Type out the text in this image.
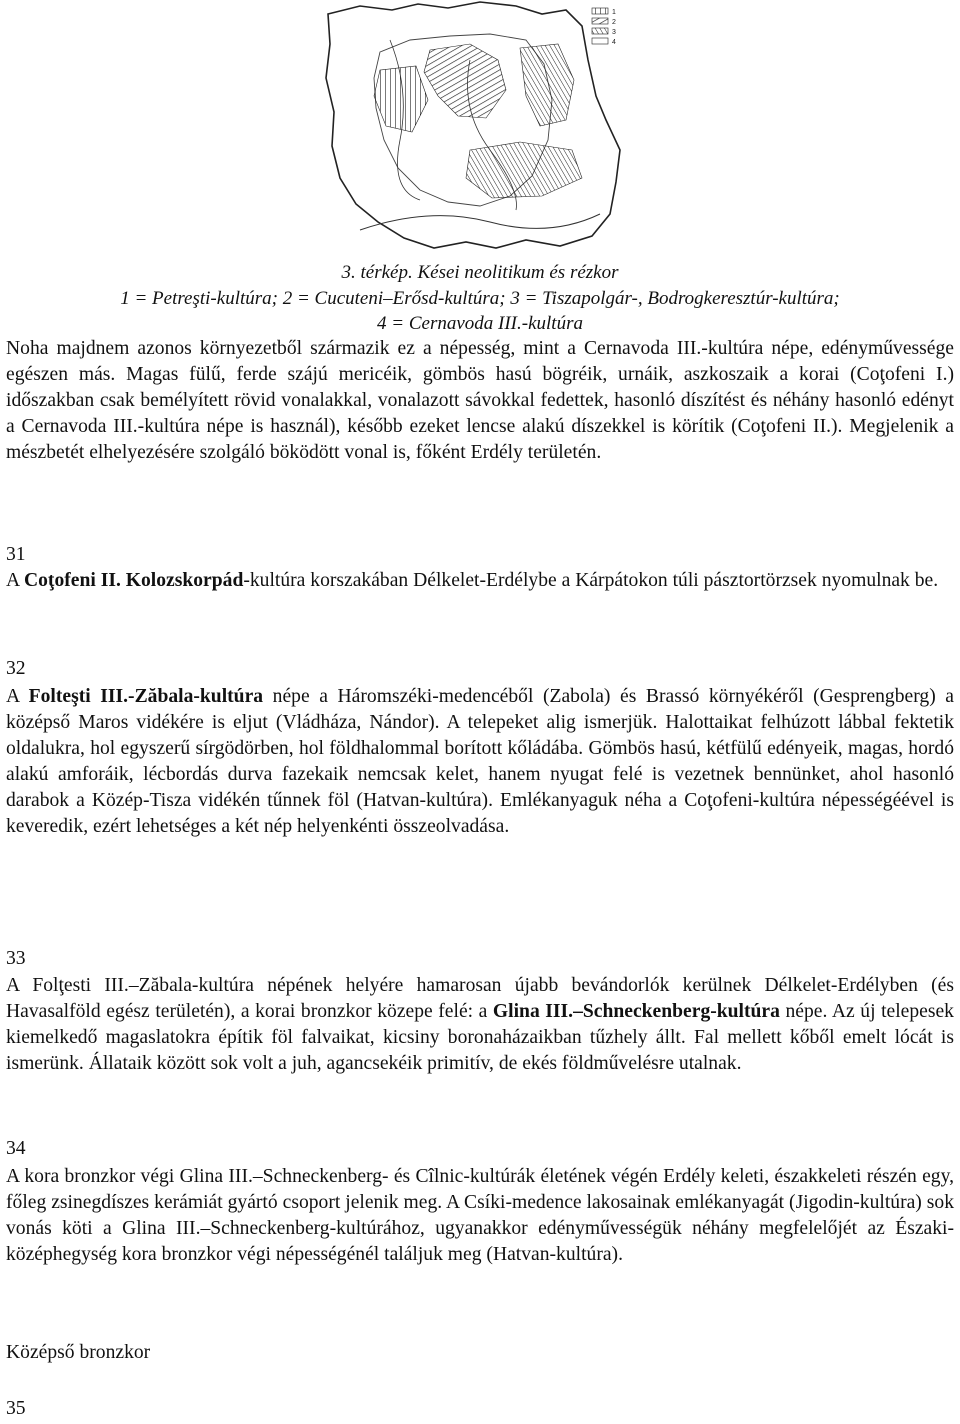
1
2
3
4
3. térkép. Kései neolitikum és rézkor
1 = Petreşti-kultúra; 2 = Cucuteni–Erősd-kultúra; 3 = Tiszapolgár-, Bodrogkeresztúr-kultúra;
4 = Cernavoda III.-kultúra

Noha majdnem azonos környezetből származik ez a népesség, mint a Cernavoda III.-kultúra népe, edényművessége egészen más. Magas fülű, ferde szájú mericéik, gömbös hasú bögréik, urnáik, aszkoszaik a korai (Coţofeni I.) időszakban csak bemélyített rövid vonalakkal, vonalazott sávokkal fedettek, hasonló díszítést és néhány hasonló edényt a Cernavoda III.-kultúra népe is használ), később ezeket lencse alakú díszekkel is körítik (Coţofeni II.). Megjelenik a mészbetét elhelyezésére szolgáló böködött vonal is, főként Erdély területén.

31

A Coţofeni II. Kolozskorpád-kultúra korszakában Délkelet-Erdélybe a Kárpátokon túli pásztortörzsek nyomulnak be.

32

A Folteşti III.-Zăbala-kultúra népe a Háromszéki-medencéből (Zabola) és Brassó környékéről (Gesprengberg) a középső Maros vidékére is eljut (Vládháza, Nándor). A telepeket alig ismerjük. Halottaikat felhúzott lábbal fektetik oldalukra, hol egyszerű sírgödörben, hol földhalommal borított kőládába. Gömbös hasú, kétfülű edényeik, magas, hordó alakú amforáik, lécbordás durva fazekaik nemcsak kelet, hanem nyugat felé is vezetnek bennünket, ahol hasonló darabok a Közép-Tisza vidékén tűnnek föl (Hatvan-kultúra). Emlékanyaguk néha a Coţofeni-kultúra népességéével is keveredik, ezért lehetséges a két nép helyenkénti összeolvadása.

33

A Folţesti III.–Zăbala-kultúra népének helyére hamarosan újabb bevándorlók kerülnek Délkelet-Erdélyben (és Havasalföld egész területén), a korai bronzkor közepe felé: a Glina III.–Schneckenberg-kultúra népe. Az új telepesek kiemelkedő magaslatokra építik föl falvaikat, kicsiny boronaházaikban tűzhely állt. Fal mellett kőből emelt lócát is ismerünk. Állataik között sok volt a juh, agancsekéik primitív, de ekés földművelésre utalnak.

34

A kora bronzkor végi Glina III.–Schneckenberg- és Cîlnic-kultúrák életének végén Erdély keleti, északkeleti részén egy, főleg zsinegdíszes kerámiát gyártó csoport jelenik meg. A Csíki-medence lakosainak emlékanyagát (Jigodin-kultúra) sok vonás köti a Glina III.–Schneckenberg-kultúrához, ugyanakkor edényművességük néhány megfelelőjét az Északi-középhegység kora bronzkor végi népességénél találjuk meg (Hatvan-kultúra).

Középső bronzkor

35
